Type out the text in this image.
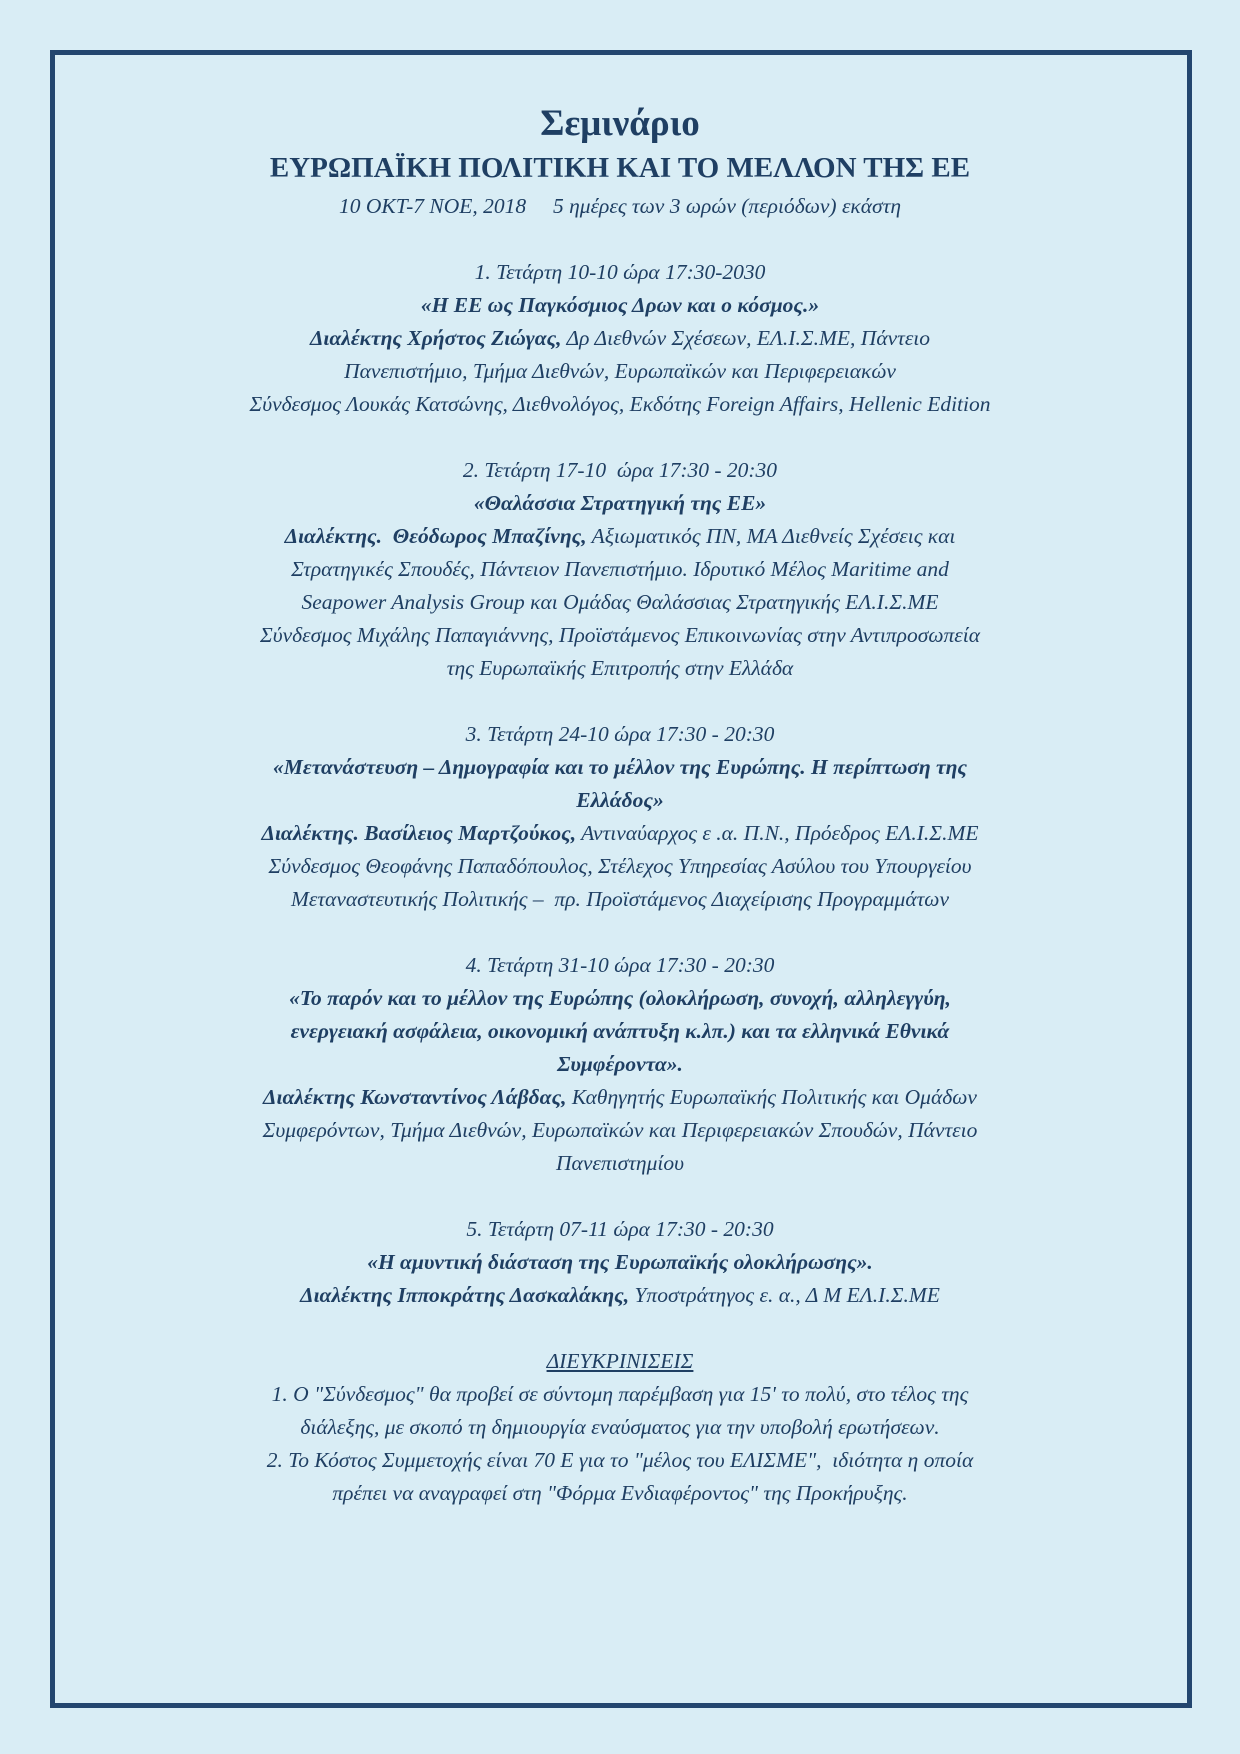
Σεμινάριο
ΕΥΡΩΠΑΪΚΗ ΠΟΛΙΤΙΚΗ ΚΑΙ ΤΟ ΜΕΛΛΟΝ ΤΗΣ ΕΕ
10 ΟΚΤ-7 ΝΟΕ, 2018     5 ημέρες των 3 ωρών (περιόδων) εκάστη
1. Τετάρτη 10-10 ώρα 17:30-2030
«Η ΕΕ ως Παγκόσμιος Δρων και ο κόσμος.»
Διαλέκτης Χρήστος Ζιώγας, Δρ Διεθνών Σχέσεων, ΕΛ.Ι.Σ.ΜΕ, Πάντειο
Πανεπιστήμιο, Τμήμα Διεθνών, Ευρωπαϊκών και Περιφερειακών
Σύνδεσμος Λουκάς Κατσώνης, Διεθνολόγος, Εκδότης Foreign Affairs, Hellenic Edition
2. Τετάρτη 17-10  ώρα 17:30 - 20:30
«Θαλάσσια Στρατηγική της ΕΕ»
Διαλέκτης.  Θεόδωρος Μπαζίνης, Αξιωματικός ΠΝ, ΜΑ Διεθνείς Σχέσεις και
Στρατηγικές Σπουδές, Πάντειον Πανεπιστήμιο. Ιδρυτικό Μέλος Maritime and
Seapower Analysis Group και Ομάδας Θαλάσσιας Στρατηγικής ΕΛ.Ι.Σ.ΜΕ
Σύνδεσμος Μιχάλης Παπαγιάννης, Προϊστάμενος Επικοινωνίας στην Αντιπροσωπεία
της Ευρωπαϊκής Επιτροπής στην Ελλάδα
3. Τετάρτη 24-10 ώρα 17:30 - 20:30
«Μετανάστευση – Δημογραφία και το μέλλον της Ευρώπης. Η περίπτωση της
Ελλάδος»
Διαλέκτης. Βασίλειος Μαρτζούκος, Αντιναύαρχος ε .α. Π.Ν., Πρόεδρος ΕΛ.Ι.Σ.ΜΕ
Σύνδεσμος Θεοφάνης Παπαδόπουλος, Στέλεχος Υπηρεσίας Ασύλου του Υπουργείου
Μεταναστευτικής Πολιτικής –  πρ. Προϊστάμενος Διαχείρισης Προγραμμάτων
4. Τετάρτη 31-10 ώρα 17:30 - 20:30
«Το παρόν και το μέλλον της Ευρώπης (ολοκλήρωση, συνοχή, αλληλεγγύη,
ενεργειακή ασφάλεια, οικονομική ανάπτυξη κ.λπ.) και τα ελληνικά Εθνικά
Συμφέροντα».
Διαλέκτης Κωνσταντίνος Λάβδας, Καθηγητής Ευρωπαϊκής Πολιτικής και Ομάδων
Συμφερόντων, Τμήμα Διεθνών, Ευρωπαϊκών και Περιφερειακών Σπουδών, Πάντειο
Πανεπιστημίου
5. Τετάρτη 07-11 ώρα 17:30 - 20:30
«Η αμυντική διάσταση της Ευρωπαϊκής ολοκλήρωσης».
Διαλέκτης Ιπποκράτης Δασκαλάκης, Υποστράτηγος ε. α., Δ Μ ΕΛ.Ι.Σ.ΜΕ
ΔΙΕΥΚΡΙΝΙΣΕΙΣ
1. Ο "Σύνδεσμος" θα προβεί σε σύντομη παρέμβαση για 15' το πολύ, στο τέλος της
διάλεξης, με σκοπό τη δημιουργία εναύσματος για την υποβολή ερωτήσεων.
2. Το Κόστος Συμμετοχής είναι 70 Ε για το "μέλος του ΕΛΙΣΜΕ",  ιδιότητα η οποία
πρέπει να αναγραφεί στη "Φόρμα Ενδιαφέροντος" της Προκήρυξης.
